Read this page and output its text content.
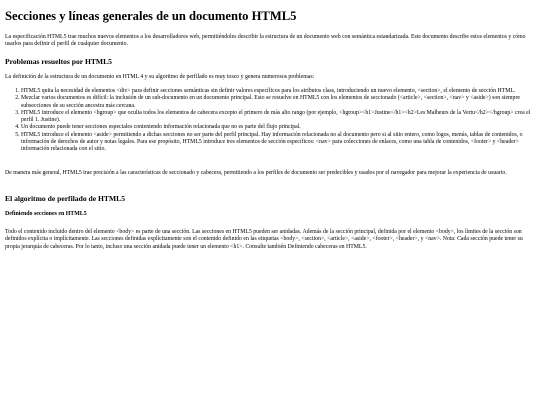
Secciones y líneas generales de un documento HTML5

La especificación HTML5 trae muchos nuevos elementos a los desarrolladores web, permitiéndoles describir la estructura de un documento web con semántica estandarizada. Este documento describe estos elementos y cómo usarlos para definir el perfil de cualquier documento.

Problemas resueltos por HTML5

La definición de la estructura de un documento en HTML 4 y su algoritmo de perfilado es muy tosco y genera numerosos problemas:

1. HTML5 quita la necesidad de elementos <div> para definir secciones semánticas sin definir valores específicos para los atributos class, introduciendo un nuevo elemento, <section>, el elemento de sección HTML.
2. Mezclar varios documentos es difícil: la inclusión de un sub-documento en un documento principal. Esto se resuelve en HTML5 con los elementos de seccionado (<article>, <section>, <nav> y <aside>) son siempre subsecciones de su sección ancestra más cercana.
3. HTML5 introduce el elemento <hgroup> que oculta todos los elementos de cabecera excepto el primero de más alto rango (por ejemplo, <hgroup><h1>Justine</h1><h2>Les Malheurs de la Vertu</h2></hgroup> crea el perfil 1. Justine).
4. Un documento puede tener secciones especiales conteniendo información relacionada que no es parte del flujo principal.
5. HTML5 introduce el elemento <aside> permitiendo a dichas secciones no ser parte del perfil principal. Hay información relacionada no al documento pero si al sitio entero, como logos, menús, tablas de contenidos, o información de derechos de autor y notas legales. Para ese propósito, HTML5 introduce tres elementos de sección específicos: <nav> para colecciones de enlaces, como una tabla de contenidos, <footer> y <header> información relacionada con el sitio.

De manera más general, HTML5 trae precisión a las características de seccionado y cabecera, permitiendo a los perfiles de documento ser predecibles y usados por el navegador para mejorar la experiencia de usuario.

El algoritmo de perfilado de HTML5
Definiendo secciones en HTML5

Todo el contenido incluido dentro del elemento <body> es parte de una sección. Las secciones en HTML5 pueden ser anidadas. Además de la sección principal, definida por el elemento <body>, los límites de la sección son definidos explícita o implícitamente. Las secciones definidas explícitamente son el contenido definido en las etiquetas <body>, <section>, <article>, <aside>, <footer>, <header>, y <nav>. Nota: Cada sección puede tener su propia jerarquía de cabeceras. Por lo tanto, incluso una sección anidada puede tener un elemento <h1>. Consulte también Definiendo cabeceras en HTML5.
